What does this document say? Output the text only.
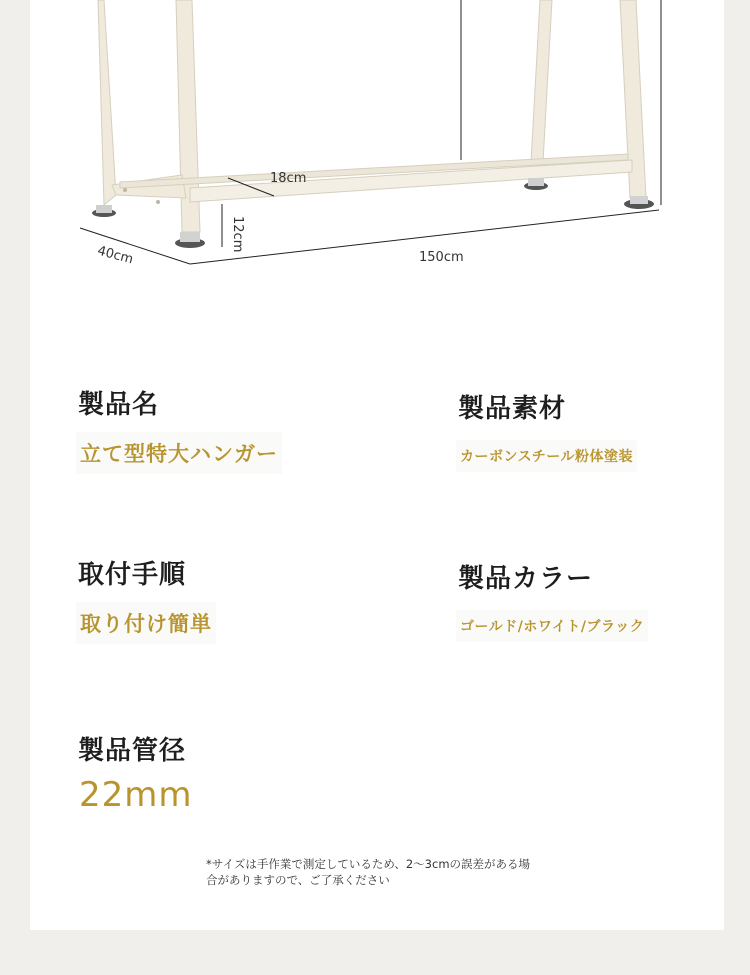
18cm
12cm
40cm	150cm
製品名
立て型特大ハンガー
製品素材
カーボンスチール粉体塗装
取付手順
取り付け簡単
製品カラー
ゴールド/ホワイト/ブラック
製品管径
22mm
*サイズは手作業で測定しているため、2〜3cmの誤差がある場
合がありますので、ご了承ください
